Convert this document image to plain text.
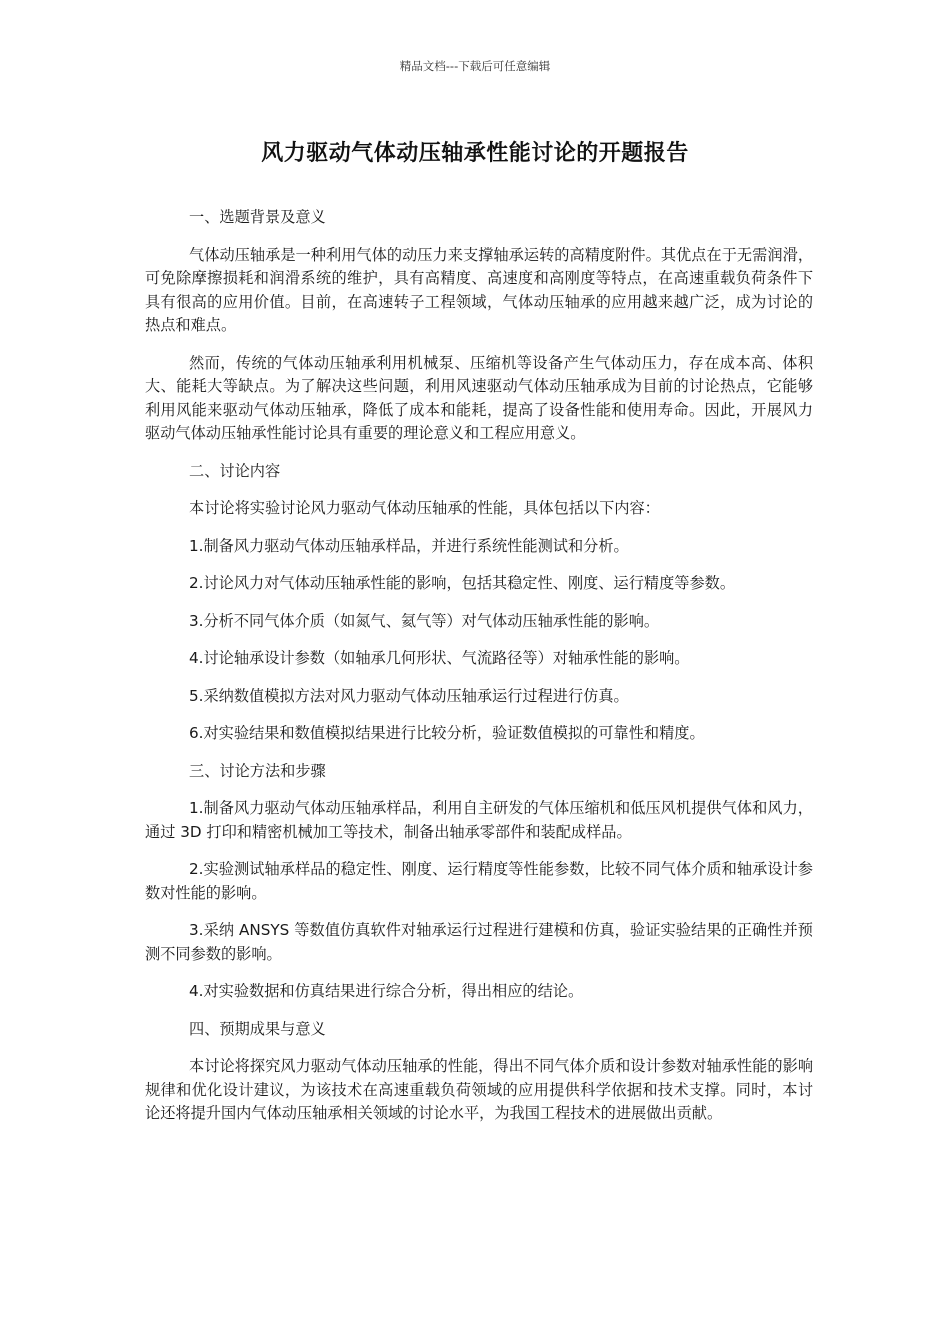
精品文档---下载后可任意编辑
风力驱动气体动压轴承性能讨论的开题报告

一、选题背景及意义

气体动压轴承是一种利用气体的动压力来支撑轴承运转的高精度附件。其优点在于无需润滑，可免除摩擦损耗和润滑系统的维护，具有高精度、高速度和高刚度等特点，在高速重载负荷条件下具有很高的应用价值。目前，在高速转子工程领域，气体动压轴承的应用越来越广泛，成为讨论的热点和难点。

然而，传统的气体动压轴承利用机械泵、压缩机等设备产生气体动压力，存在成本高、体积大、能耗大等缺点。为了解决这些问题，利用风速驱动气体动压轴承成为目前的讨论热点，它能够利用风能来驱动气体动压轴承，降低了成本和能耗，提高了设备性能和使用寿命。因此，开展风力驱动气体动压轴承性能讨论具有重要的理论意义和工程应用意义。

二、讨论内容

本讨论将实验讨论风力驱动气体动压轴承的性能，具体包括以下内容：

1.制备风力驱动气体动压轴承样品，并进行系统性能测试和分析。

2.讨论风力对气体动压轴承性能的影响，包括其稳定性、刚度、运行精度等参数。

3.分析不同气体介质（如氮气、氦气等）对气体动压轴承性能的影响。

4.讨论轴承设计参数（如轴承几何形状、气流路径等）对轴承性能的影响。

5.采纳数值模拟方法对风力驱动气体动压轴承运行过程进行仿真。

6.对实验结果和数值模拟结果进行比较分析，验证数值模拟的可靠性和精度。

三、讨论方法和步骤

1.制备风力驱动气体动压轴承样品，利用自主研发的气体压缩机和低压风机提供气体和风力，通过 3D 打印和精密机械加工等技术，制备出轴承零部件和装配成样品。

2.实验测试轴承样品的稳定性、刚度、运行精度等性能参数，比较不同气体介质和轴承设计参数对性能的影响。

3.采纳 ANSYS 等数值仿真软件对轴承运行过程进行建模和仿真，验证实验结果的正确性并预测不同参数的影响。

4.对实验数据和仿真结果进行综合分析，得出相应的结论。

四、预期成果与意义

本讨论将探究风力驱动气体动压轴承的性能，得出不同气体介质和设计参数对轴承性能的影响规律和优化设计建议，为该技术在高速重载负荷领域的应用提供科学依据和技术支撑。同时，本讨论还将提升国内气体动压轴承相关领域的讨论水平，为我国工程技术的进展做出贡献。
